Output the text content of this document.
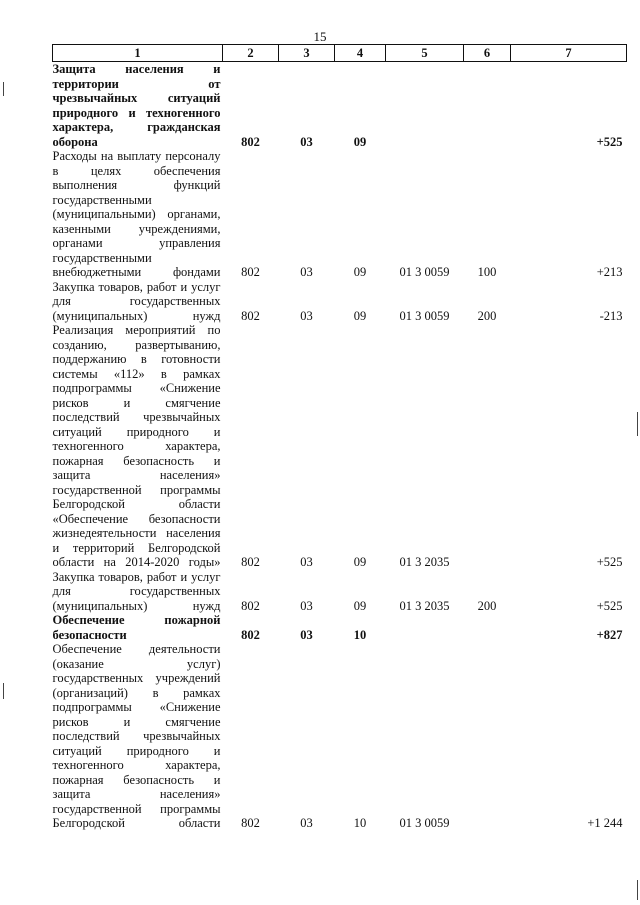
15
1	2	3	4	5	6	7
Защита населения и территории от чрезвычайных ситуаций природного и техногенного характера, гражданская оборона	802	03	09			+525
Расходы на выплату персоналу в целях обеспечения выполнения функций государственными (муниципальными) органами, казенными учреждениями, органами управления государственными внебюджетными фондами	802	03	09	01 3 0059	100	+213
Закупка товаров, работ и услуг для государственных (муниципальных) нужд	802	03	09	01 3 0059	200	-213
Реализация мероприятий по созданию, развертыванию, поддержанию в готовности системы «112» в рамках подпрограммы «Снижение рисков и смягчение последствий чрезвычайных ситуаций природного и техногенного характера, пожарная безопасность и защита населения» государственной программы Белгородской области «Обеспечение безопасности жизнедеятельности населения и территорий Белгородской области на 2014-2020 годы»	802	03	09	01 3 2035		+525
Закупка товаров, работ и услуг для государственных (муниципальных) нужд	802	03	09	01 3 2035	200	+525
Обеспечение пожарной безопасности	802	03	10			+827
Обеспечение деятельности (оказание услуг) государственных учреждений (организаций) в рамках подпрограммы «Снижение рисков и смягчение последствий чрезвычайных ситуаций природного и техногенного характера, пожарная безопасность и защита населения» государственной программы Белгородской области	802	03	10	01 3 0059		+1 244
